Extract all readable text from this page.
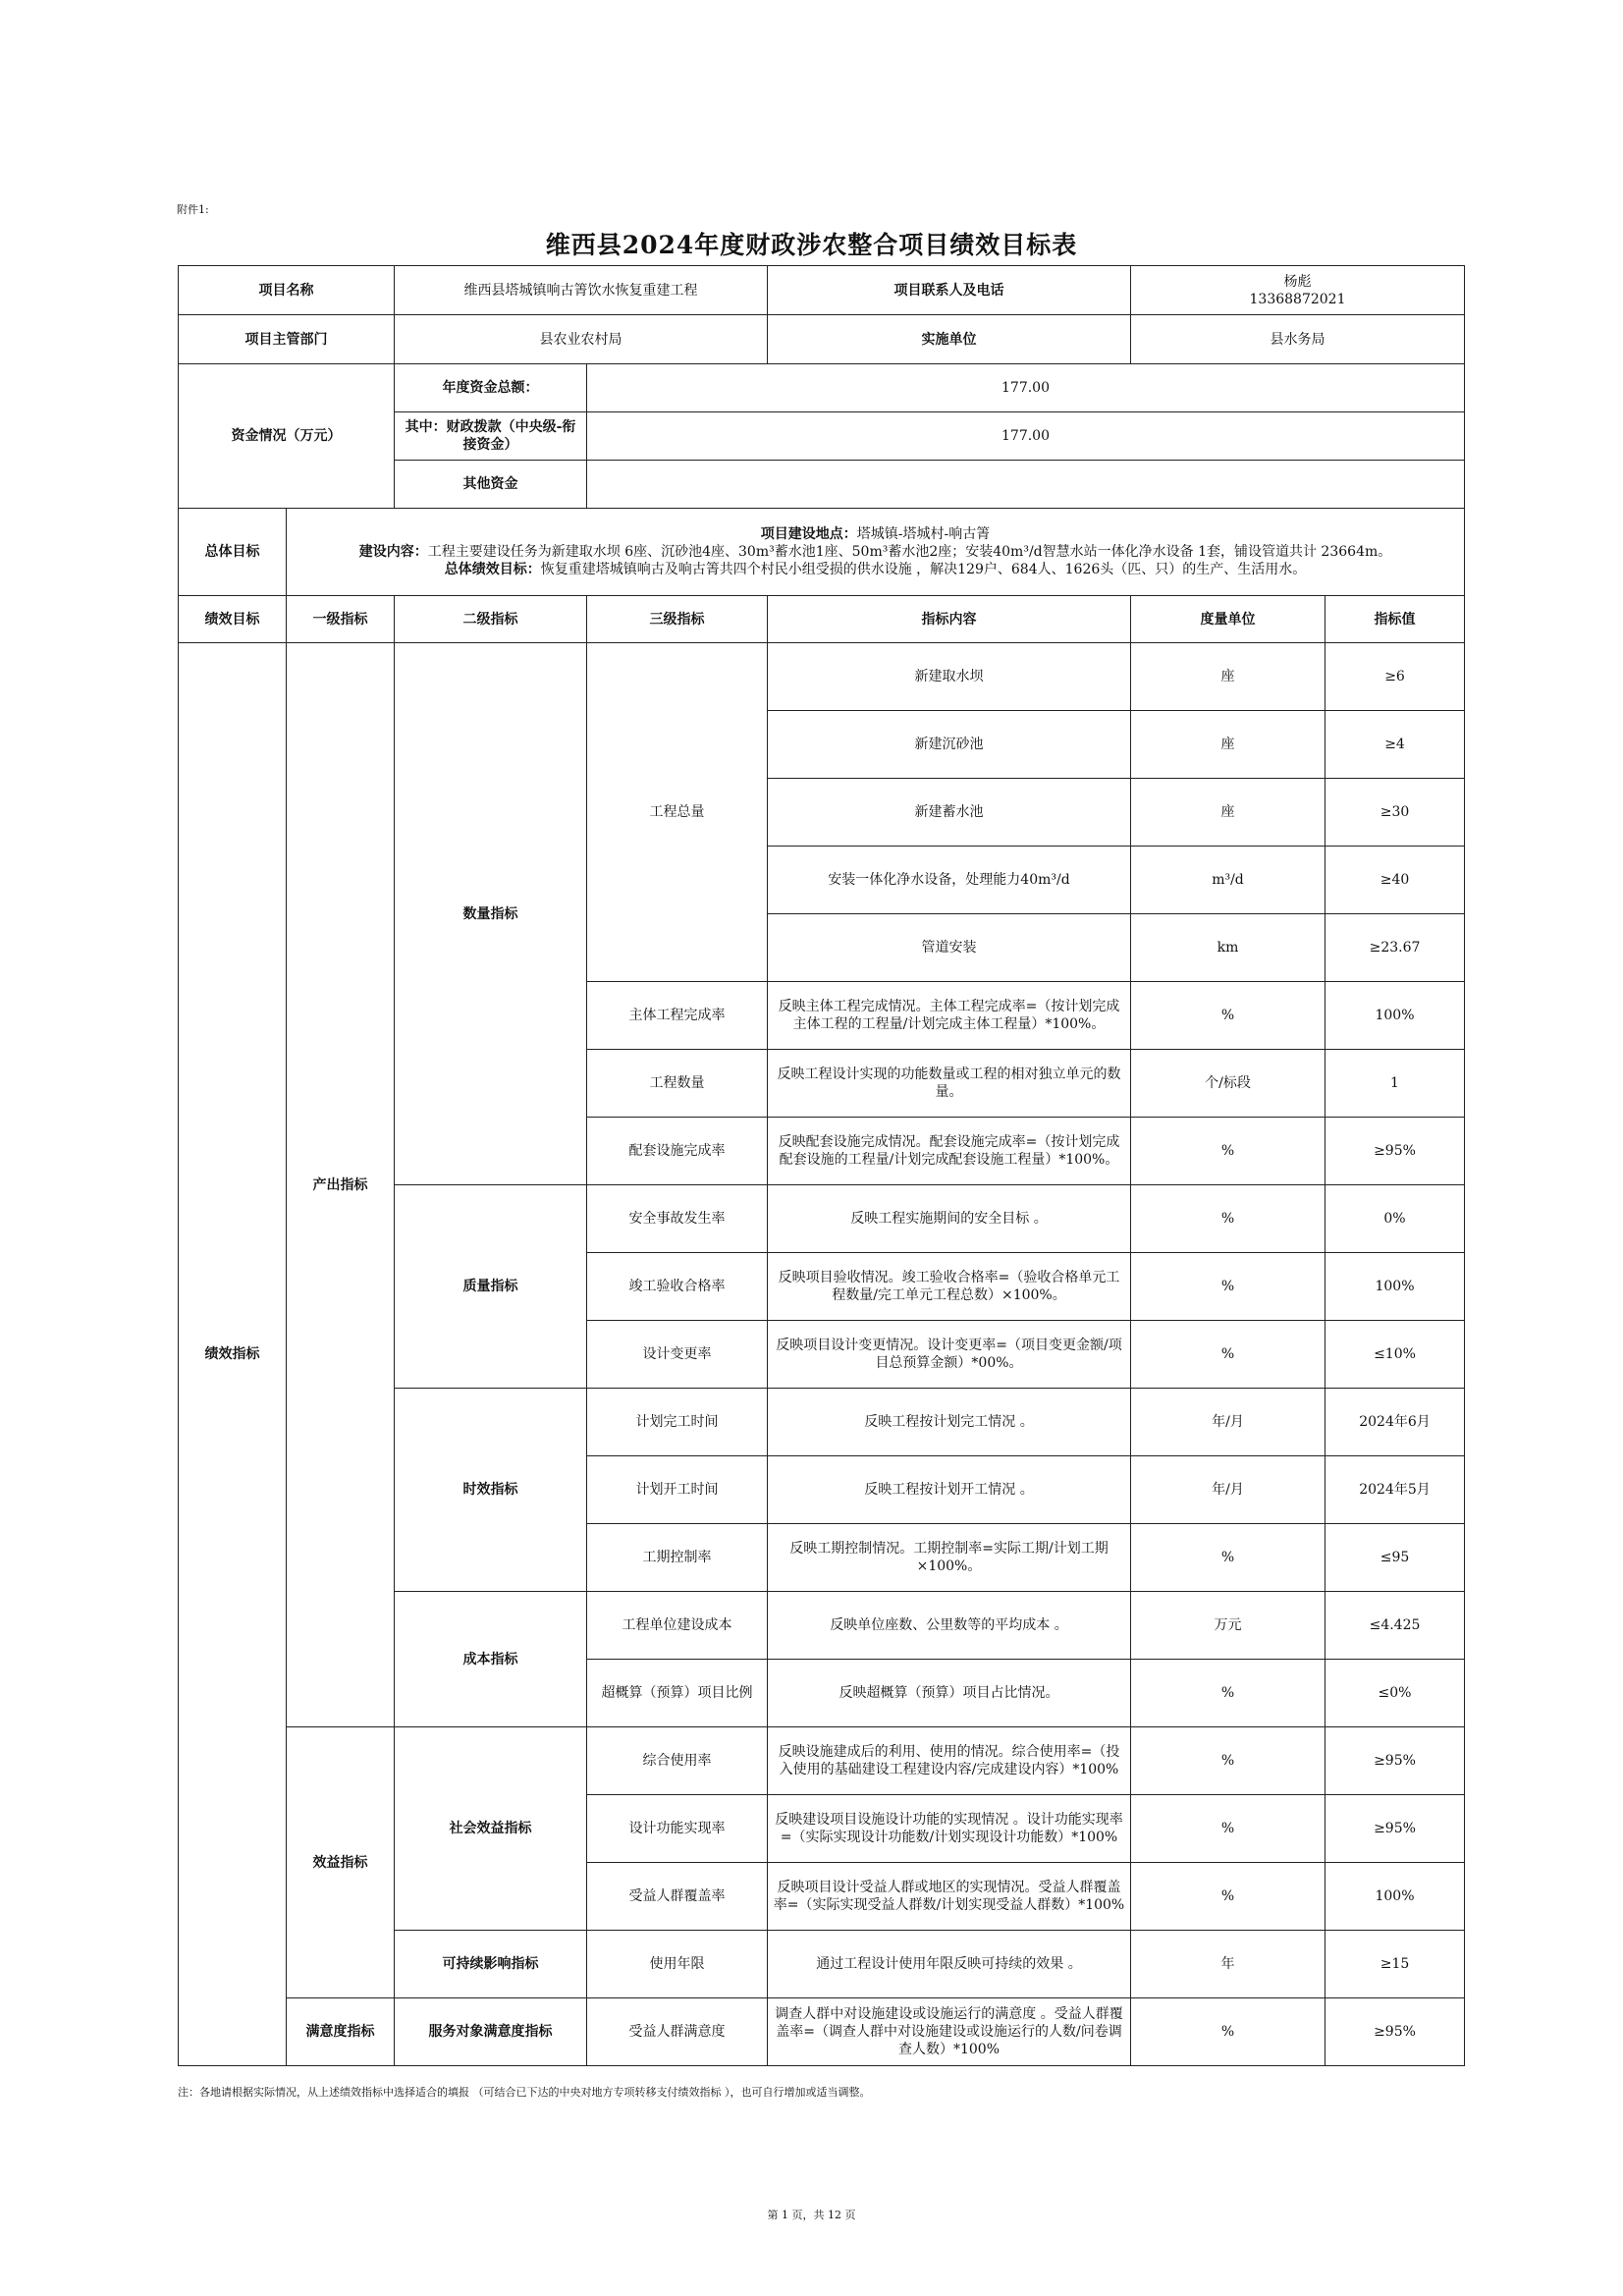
附件1:
维西县2024年度财政涉农整合项目绩效目标表
项目名称		维西县塔城镇响古箐饮水恢复重建工程		项目联系人及电话	杨彪
13368872021	

项目主管部门		县农业农村局		实施单位	县水务局	
资金情况（万元）		年度资金总额：	177.00			
		其中：财政拨款（中央级-衔接资金）	177.00			
		其他资金				
总体目标	项目建设地点：塔城镇-塔城村-响古箐
建设内容：工程主要建设任务为新建取水坝 6座、沉砂池4座、30m³蓄水池1座、50m³蓄水池2座；安装40m³/d智慧水站一体化净水设备 1套，铺设管道共计 23664m。
总体绩效目标：恢复重建塔城镇响古及响古箐共四个村民小组受损的供水设施 ，解决129户、684人、1626头（匹、只）的生产、生活用水。					

绩效目标	一级指标	二级指标	三级指标	指标内容	度量单位	指标值
绩效指标	产出指标	数量指标	工程总量	新建取水坝	座	≥6
				新建沉砂池	座	≥4
				新建蓄水池	座	≥30
				安装一体化净水设备，处理能力40m³/d	m³/d	≥40
				管道安装	km	≥23.67
			主体工程完成率	反映主体工程完成情况。主体工程完成率=（按计划完成主体工程的工程量/计划完成主体工程量）*100%。	%	100%
			工程数量	反映工程设计实现的功能数量或工程的相对独立单元的数量。	个/标段	1
			配套设施完成率	反映配套设施完成情况。配套设施完成率=（按计划完成配套设施的工程量/计划完成配套设施工程量）*100%。	%	≥95%
		质量指标	安全事故发生率	反映工程实施期间的安全目标 。	%	0%
			竣工验收合格率	反映项目验收情况。竣工验收合格率=（验收合格单元工程数量/完工单元工程总数）×100%。	%	100%
			设计变更率	反映项目设计变更情况。设计变更率=（项目变更金额/项目总预算金额）*00%。	%	≤10%
		时效指标	计划完工时间	反映工程按计划完工情况 。	年/月	2024年6月
			计划开工时间	反映工程按计划开工情况 。	年/月	2024年5月
			工期控制率	反映工期控制情况。工期控制率=实际工期/计划工期×100%。	%	≤95
		成本指标	工程单位建设成本	反映单位座数、公里数等的平均成本 。	万元	≤4.425
			超概算（预算）项目比例	反映超概算（预算）项目占比情况。	%	≤0%
	效益指标	社会效益指标	综合使用率	反映设施建成后的利用、使用的情况。综合使用率=（投入使用的基础建设工程建设内容/完成建设内容）*100%	%	≥95%
			设计功能实现率	反映建设项目设施设计功能的实现情况 。设计功能实现率=（实际实现设计功能数/计划实现设计功能数）*100%	%	≥95%
			受益人群覆盖率	反映项目设计受益人群或地区的实现情况。受益人群覆盖率=（实际实现受益人群数/计划实现受益人群数）*100%	%	100%
		可持续影响指标	使用年限	通过工程设计使用年限反映可持续的效果 。	年	≥15
	满意度指标	服务对象满意度指标	受益人群满意度	调查人群中对设施建设或设施运行的满意度 。受益人群覆盖率=（调查人群中对设施建设或设施运行的人数/问卷调查人数）*100%	%	≥95%
注：各地请根据实际情况，从上述绩效指标中选择适合的填报 （可结合已下达的中央对地方专项转移支付绩效指标 ），也可自行增加或适当调整。
第 1 页，共 12 页
